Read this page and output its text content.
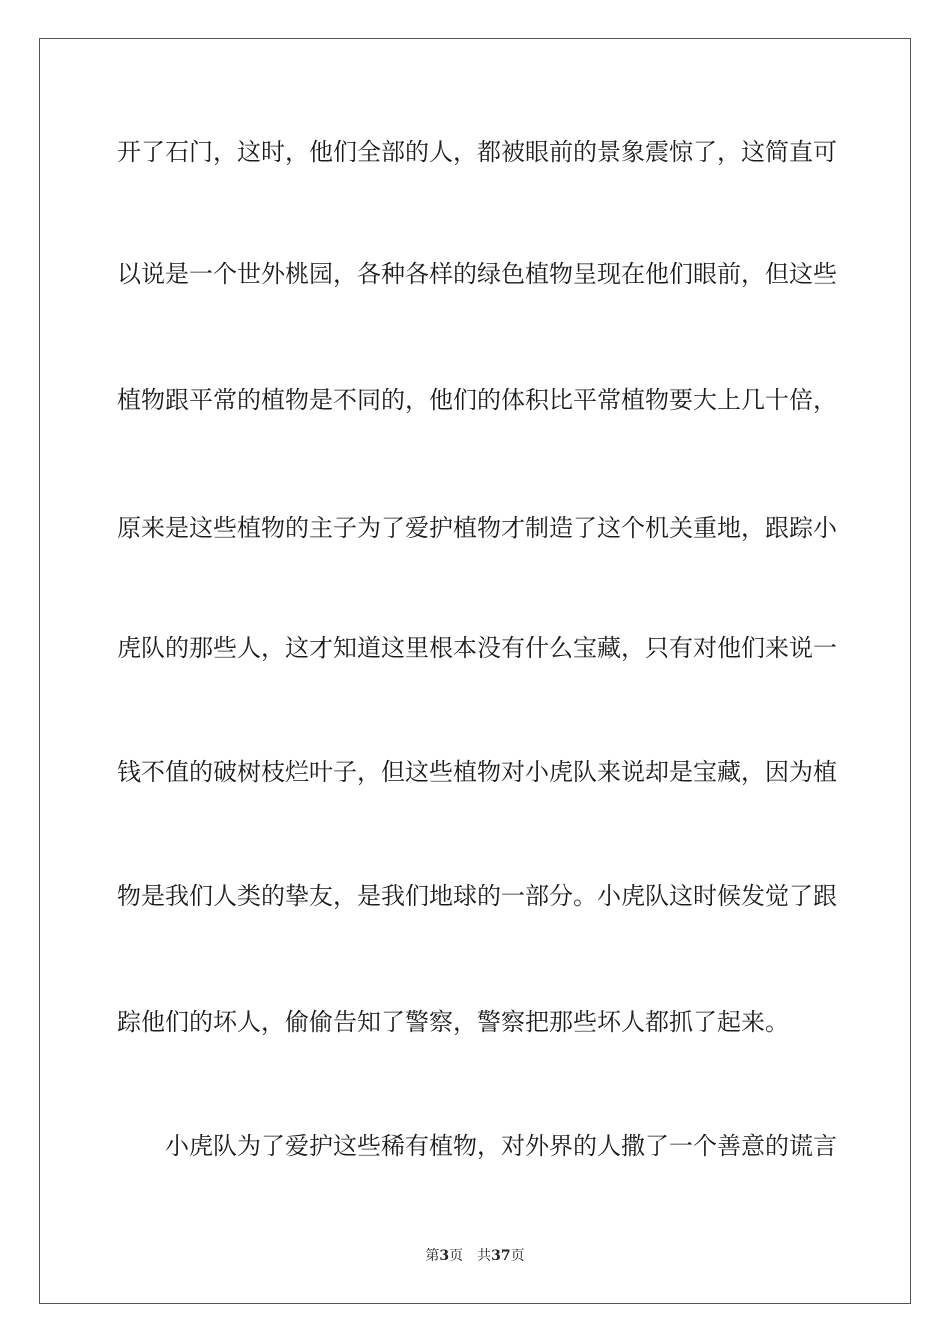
开了石门，这时，他们全部的人，都被眼前的景象震惊了，这简直可
以说是一个世外桃园，各种各样的绿色植物呈现在他们眼前，但这些
植物跟平常的植物是不同的，他们的体积比平常植物要大上几十倍，
原来是这些植物的主子为了爱护植物才制造了这个机关重地，跟踪小
虎队的那些人，这才知道这里根本没有什么宝藏，只有对他们来说一
钱不值的破树枝烂叶子，但这些植物对小虎队来说却是宝藏，因为植
物是我们人类的挚友，是我们地球的一部分。小虎队这时候发觉了跟
踪他们的坏人，偷偷告知了警察，警察把那些坏人都抓了起来。
　　小虎队为了爱护这些稀有植物，对外界的人撒了一个善意的谎言
第3页 共37页
